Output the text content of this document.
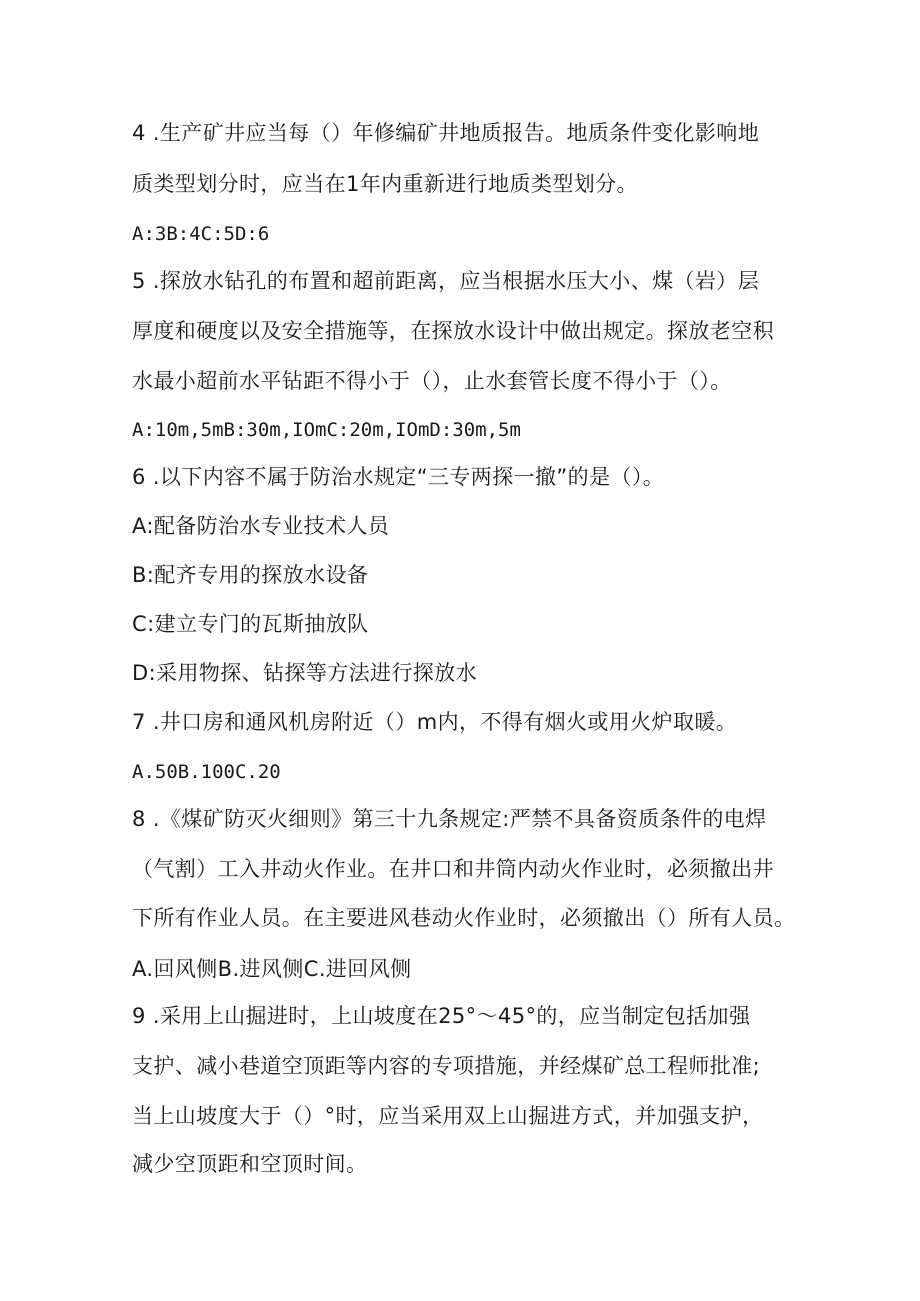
4 .生产矿井应当每（）年修编矿井地质报告。地质条件变化影响地

质类型划分时，应当在1年内重新进行地质类型划分。

A:3B:4C:5D:6

5 .探放水钻孔的布置和超前距离，应当根据水压大小、煤（岩）层

厚度和硬度以及安全措施等，在探放水设计中做出规定。探放老空积

水最小超前水平钻距不得小于（），止水套管长度不得小于（）。

A:10m,5mB:30m,IOmC:20m,IOmD:30m,5m

6 .以下内容不属于防治水规定“三专两探一撤”的是（）。

A:配备防治水专业技术人员

B:配齐专用的探放水设备

C:建立专门的瓦斯抽放队

D:采用物探、钻探等方法进行探放水

7 .井口房和通风机房附近（）m内，不得有烟火或用火炉取暖。

A.50B.100C.20

8 .《煤矿防灭火细则》第三十九条规定:严禁不具备资质条件的电焊

（气割）工入井动火作业。在井口和井筒内动火作业时，必须撤出井

下所有作业人员。在主要进风巷动火作业时，必须撤出（）所有人员。

A.回风侧B.进风侧C.进回风侧

9 .采用上山掘进时，上山坡度在25°～45°的，应当制定包括加强

支护、减小巷道空顶距等内容的专项措施，并经煤矿总工程师批准;

当上山坡度大于（）°时，应当采用双上山掘进方式，并加强支护，

减少空顶距和空顶时间。
